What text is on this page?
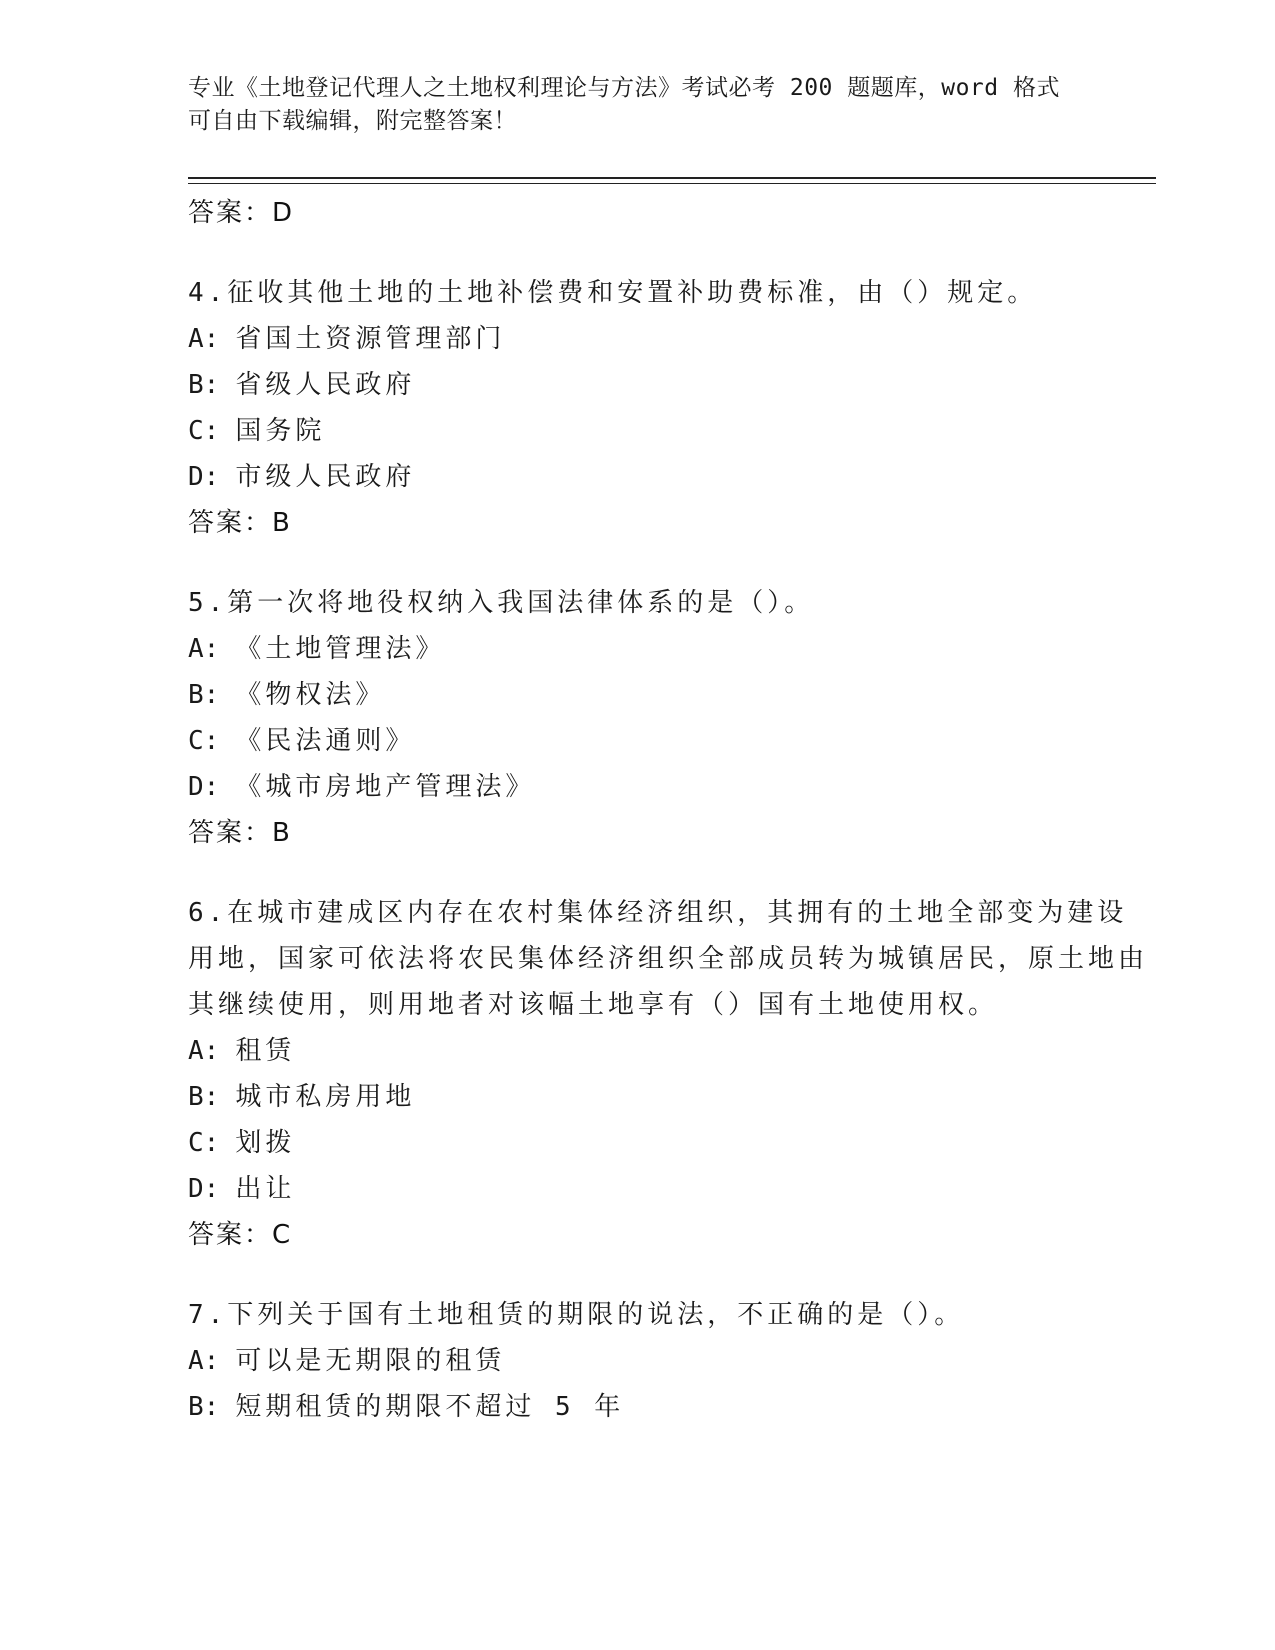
专业《土地登记代理人之土地权利理论与方法》考试必考 200 题题库，word 格式
可自由下载编辑，附完整答案！
答案：D
4.征收其他土地的土地补偿费和安置补助费标准，由（）规定。
A: 省国土资源管理部门
B: 省级人民政府
C: 国务院
D: 市级人民政府
答案：B
5.第一次将地役权纳入我国法律体系的是（）。
A: 《土地管理法》
B: 《物权法》
C: 《民法通则》
D: 《城市房地产管理法》
答案：B
6.在城市建成区内存在农村集体经济组织，其拥有的土地全部变为建设用地，国家可依法将农民集体经济组织全部成员转为城镇居民，原土地由其继续使用，则用地者对该幅土地享有（）国有土地使用权。
A: 租赁
B: 城市私房用地
C: 划拨
D: 出让
答案：C
7.下列关于国有土地租赁的期限的说法，不正确的是（）。
A: 可以是无期限的租赁
B: 短期租赁的期限不超过 5 年
